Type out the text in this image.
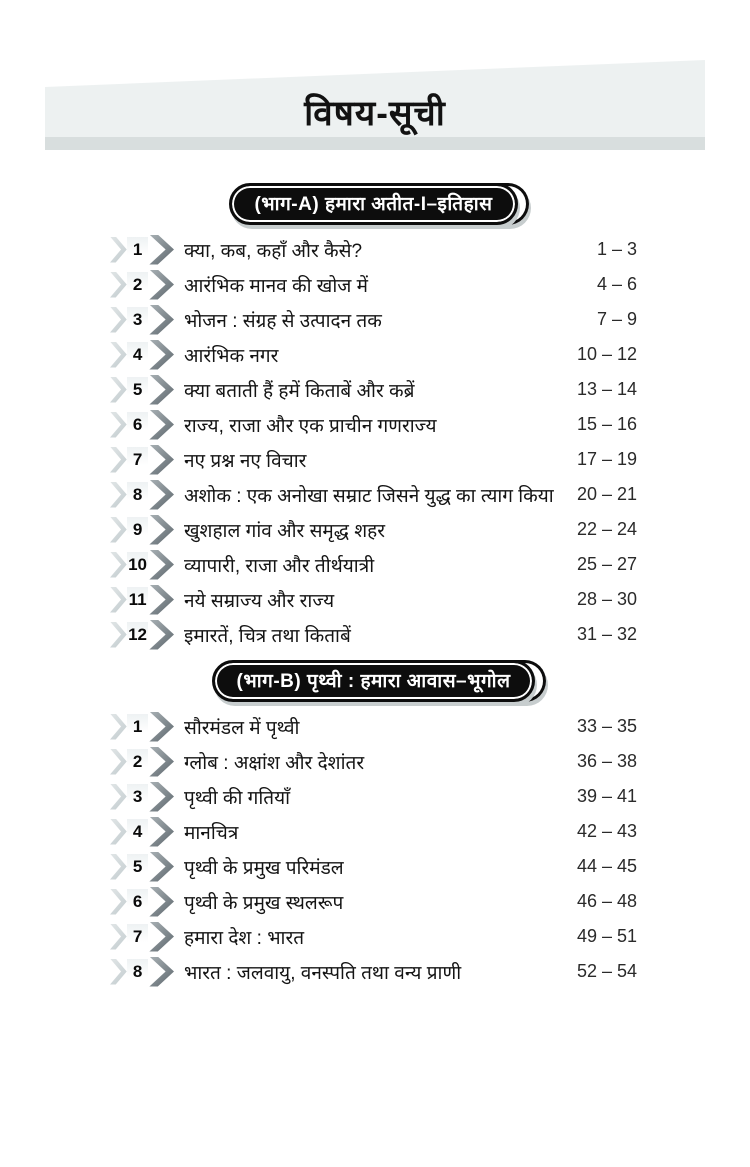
विषय-सूची
(भाग-A) हमारा अतीत-I–इतिहास
1	क्या, कब, कहाँ और कैसे?	1 – 3
2	आरंभिक मानव की खोज में	4 – 6
3	भोजन : संग्रह से उत्पादन तक	7 – 9
4	आरंभिक नगर	10 – 12
5	क्या बताती हैं हमें किताबें और कब्रें	13 – 14
6	राज्य, राजा और एक प्राचीन गणराज्य	15 – 16
7	नए प्रश्न नए विचार	17 – 19
8	अशोक : एक अनोखा सम्राट जिसने युद्ध का त्याग किया	20 – 21
9	खुशहाल गांव और समृद्ध शहर	22 – 24
10 व्यापारी, राजा और तीर्थयात्री	25 – 27
11 नये सम्राज्य और राज्य	28 – 30
12 इमारतें, चित्र तथा किताबें	31 – 32
(भाग-B) पृथ्वी : हमारा आवास–भूगोल
1	सौरमंडल में पृथ्वी	33 – 35
2	ग्लोब : अक्षांश और देशांतर	36 – 38
3	पृथ्वी की गतियाँ	39 – 41
4	मानचित्र	42 – 43
5	पृथ्वी के प्रमुख परिमंडल	44 – 45
6	पृथ्वी के प्रमुख स्थलरूप	46 – 48
7	हमारा देश : भारत	49 – 51
8	भारत : जलवायु, वनस्पति तथा वन्य प्राणी	52 – 54
